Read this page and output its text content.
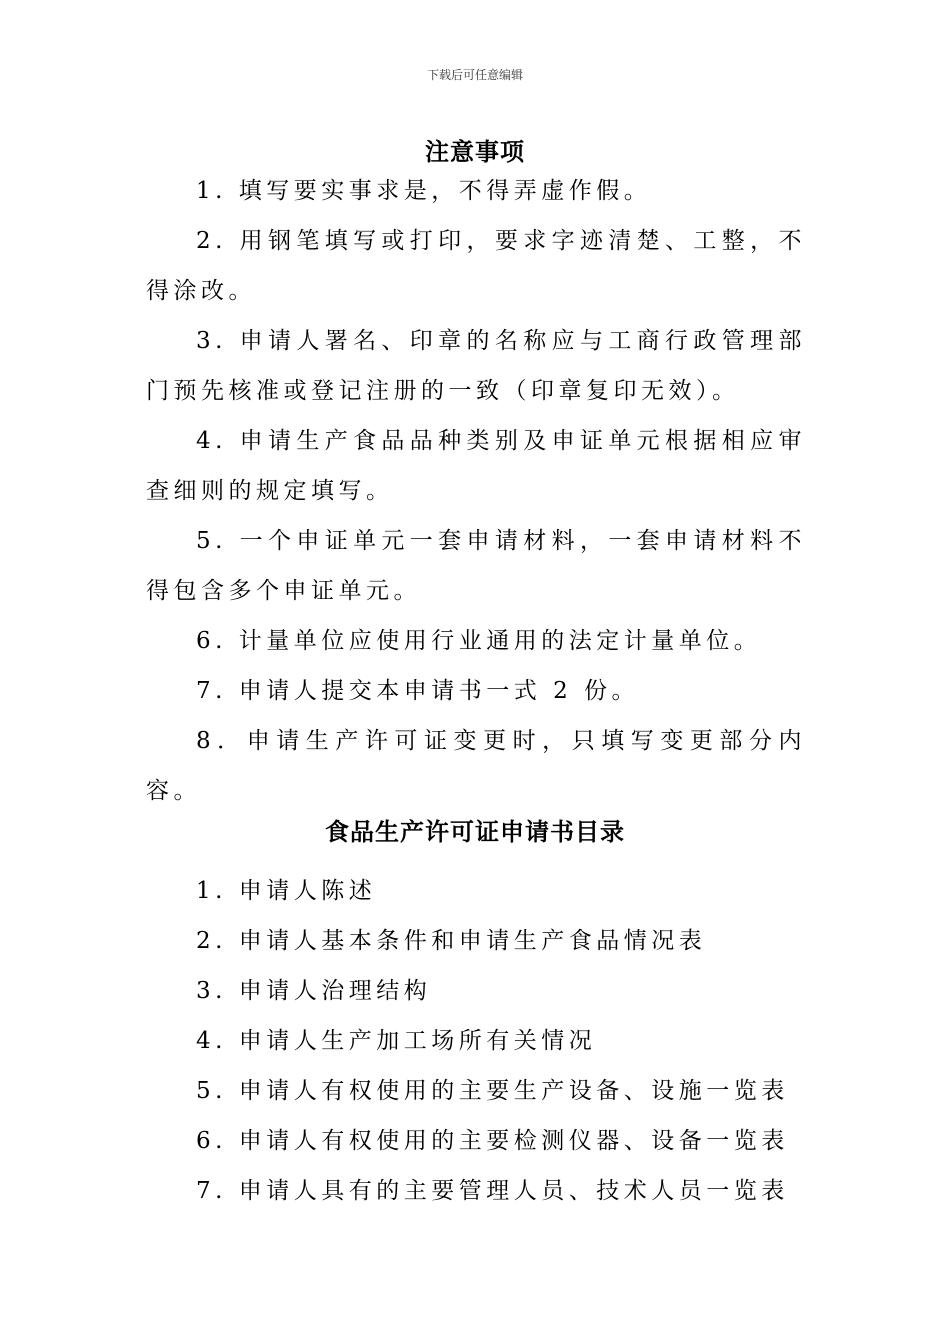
下载后可任意编辑
注意事项

1. 填写要实事求是，不得弄虚作假。

2. 用钢笔填写或打印，要求字迹清楚、工整，不得涂改。

3. 申请人署名、印章的名称应与工商行政管理部门预先核准或登记注册的一致（印章复印无效）。

4. 申请生产食品品种类别及申证单元根据相应审查细则的规定填写。

5. 一个申证单元一套申请材料，一套申请材料不得包含多个申证单元。

6. 计量单位应使用行业通用的法定计量单位。

7. 申请人提交本申请书一式 2 份。

8．申请生产许可证变更时，只填写变更部分内容。

食品生产许可证申请书目录

1. 申请人陈述

2. 申请人基本条件和申请生产食品情况表

3. 申请人治理结构

4. 申请人生产加工场所有关情况

5. 申请人有权使用的主要生产设备、设施一览表

6. 申请人有权使用的主要检测仪器、设备一览表

7. 申请人具有的主要管理人员、技术人员一览表
